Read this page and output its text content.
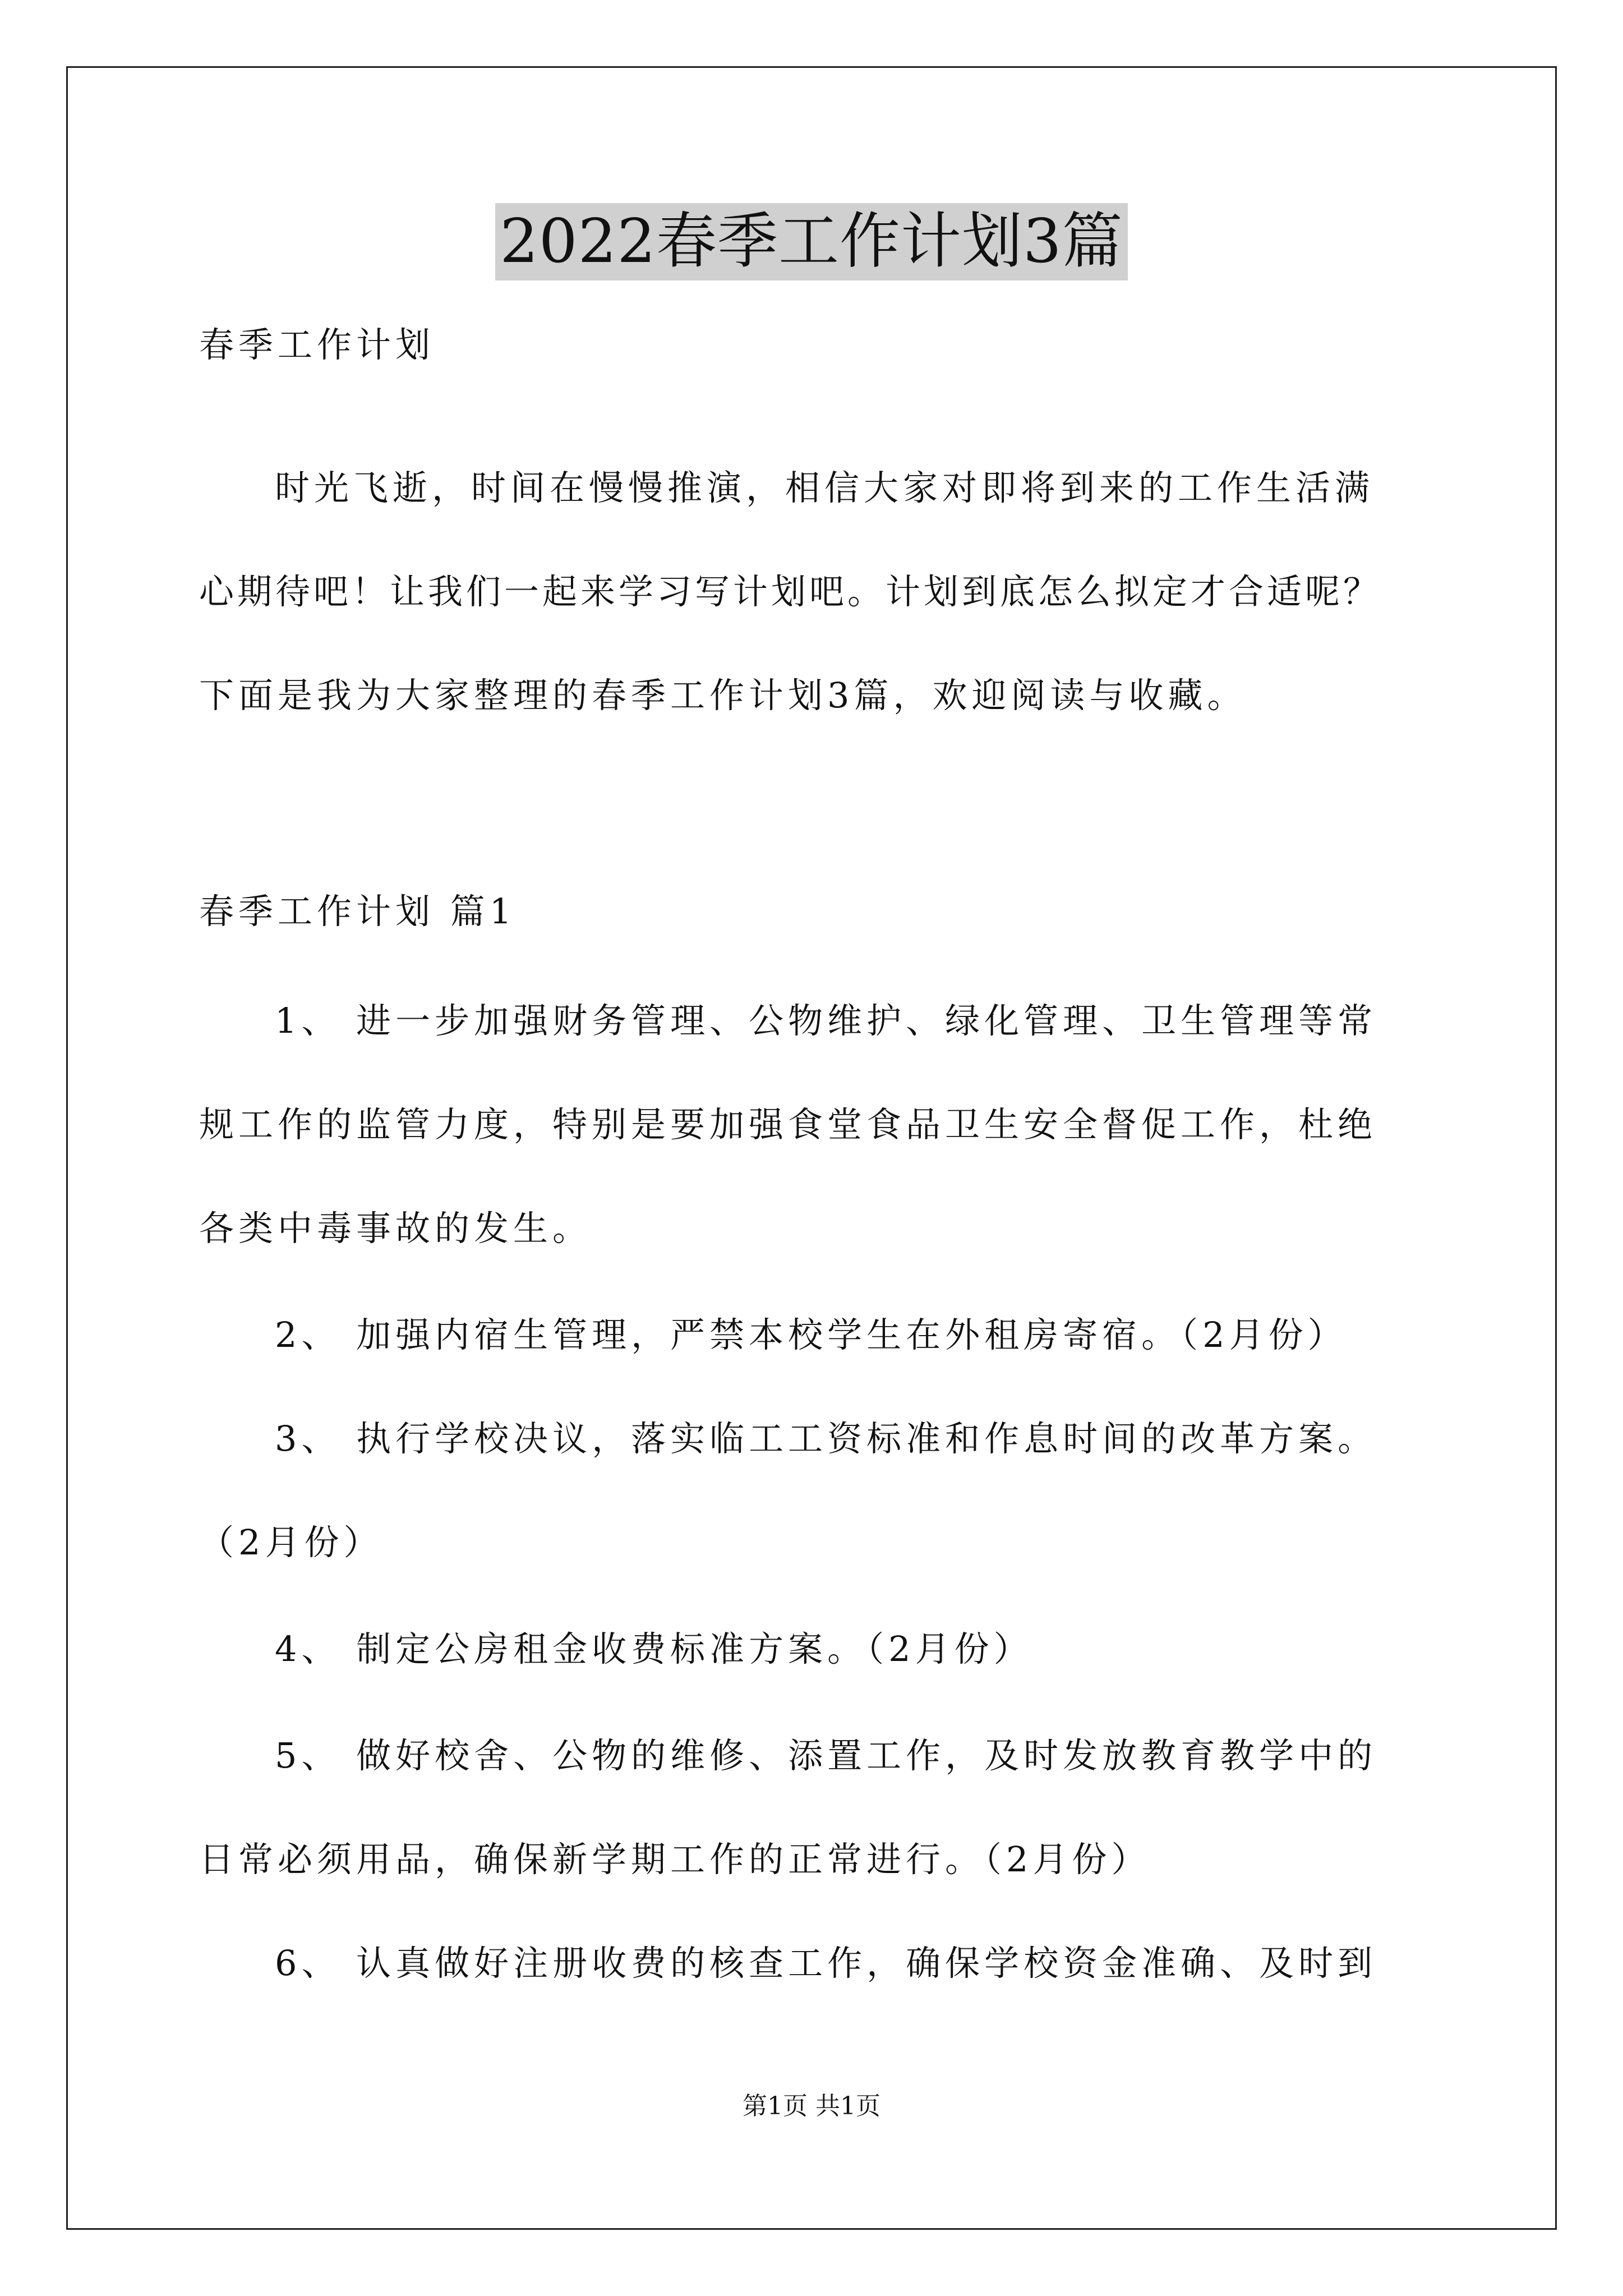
2022春季工作计划3篇
春季工作计划
时光飞逝，时间在慢慢推演，相信大家对即将到来的工作生活满
心期待吧！让我们一起来学习写计划吧。计划到底怎么拟定才合适呢？
下面是我为大家整理的春季工作计划3篇，欢迎阅读与收藏。
春季工作计划 篇1
1、 进一步加强财务管理、公物维护、绿化管理、卫生管理等常
规工作的监管力度，特别是要加强食堂食品卫生安全督促工作，杜绝
各类中毒事故的发生。
2、 加强内宿生管理，严禁本校学生在外租房寄宿。（2月份）
3、 执行学校决议，落实临工工资标准和作息时间的改革方案。
（2月份）
4、 制定公房租金收费标准方案。（2月份）
5、 做好校舍、公物的维修、添置工作，及时发放教育教学中的
日常必须用品，确保新学期工作的正常进行。（2月份）
6、 认真做好注册收费的核查工作，确保学校资金准确、及时到
第1页 共1页
